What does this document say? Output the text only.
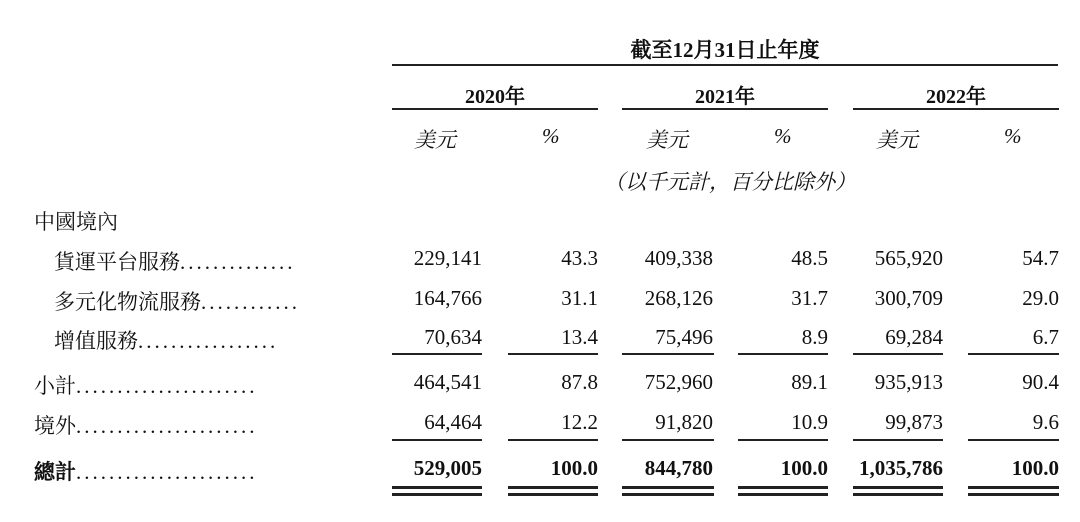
截至12月31日止年度
2020年	2021年	2022年
美元	%	美元	%	美元	%
（以千元計，百分比除外）
中國境內
貨運平台服務..............	229,141	43.3 409,338	48.5 565,920	54.7
多元化物流服務............	164,766	31.1 268,126	31.7 300,709	29.0
增值服務.................	70,634	13.4	75,496	8.9	69,284	6.7
小計......................	464,541	87.8 752,960	89.1 935,913	90.4
境外......................	64,464	12.2	91,820	10.9	99,873	9.6
總計......................	529,005	100.0 844,780	100.0 1,035,786	100.0
